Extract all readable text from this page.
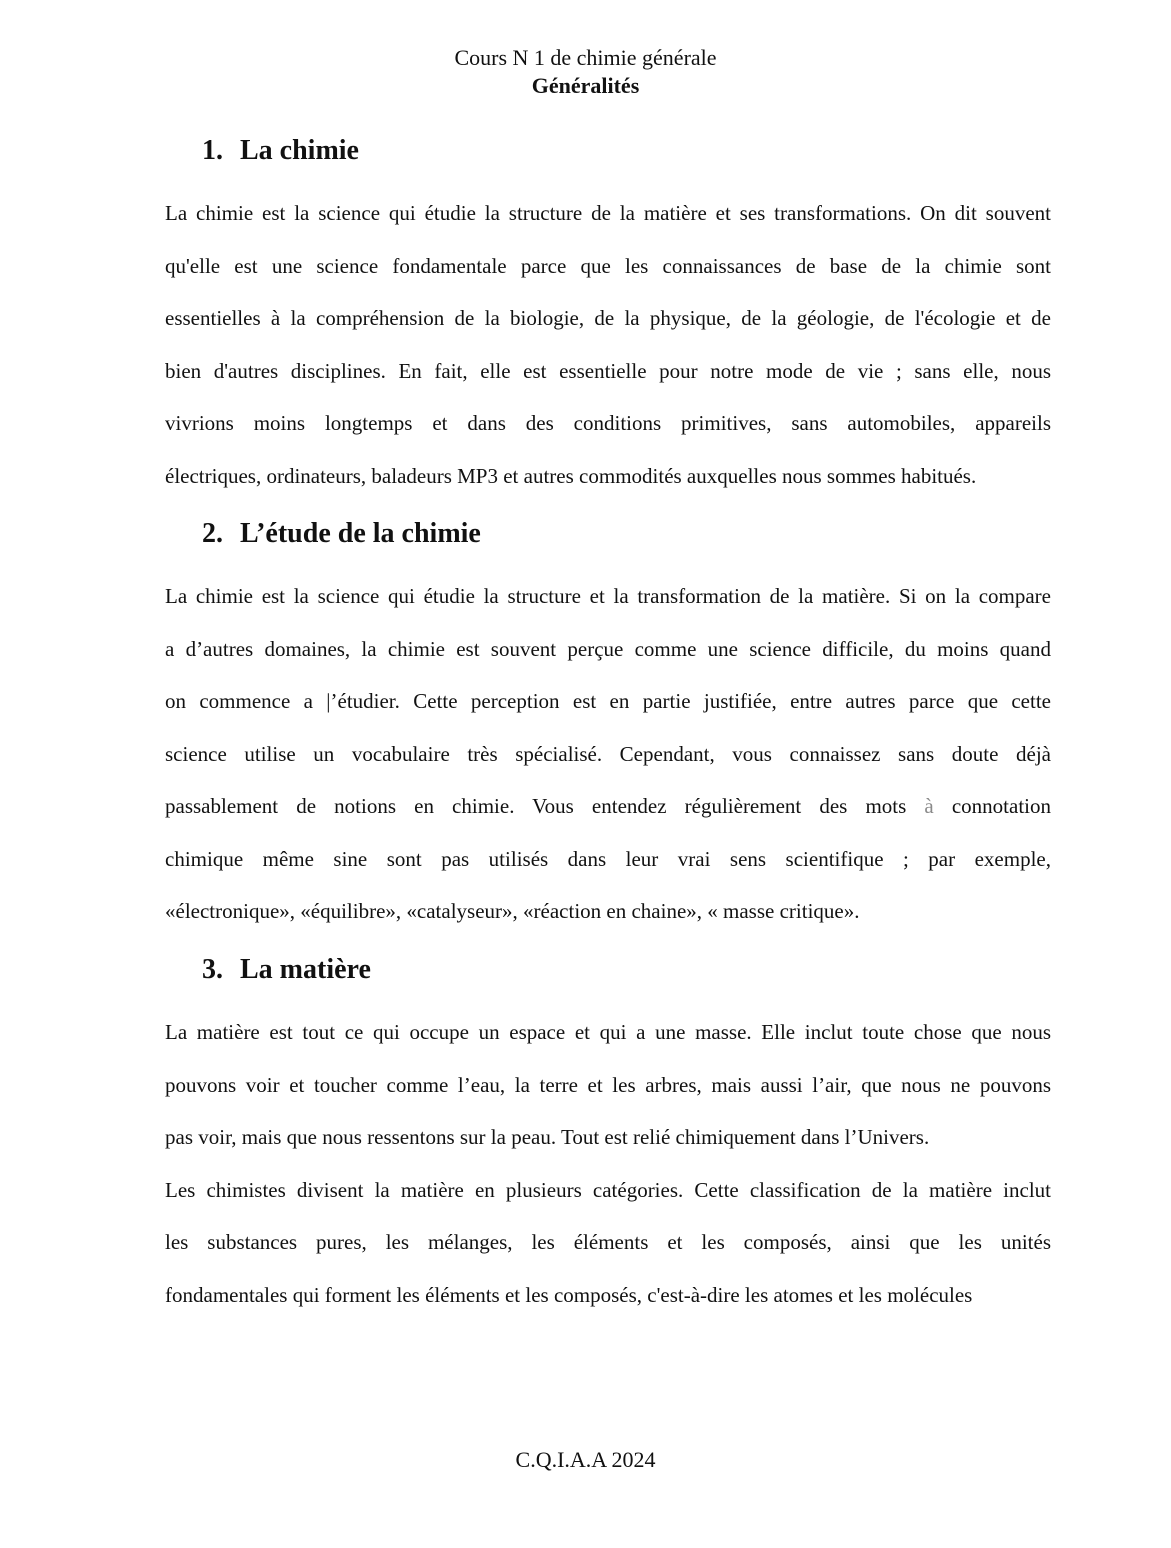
Cours N 1 de chimie générale
Généralités
1. La chimie
La chimie est la science qui étudie la structure de la matière et ses transformations. On dit souvent
qu'elle est une science fondamentale parce que les connaissances de base de la chimie sont
essentielles à la compréhension de la biologie, de la physique, de la géologie, de l'écologie et de
bien d'autres disciplines. En fait, elle est essentielle pour notre mode de vie ; sans elle, nous
vivrions moins longtemps et dans des conditions primitives, sans automobiles, appareils
électriques, ordinateurs, baladeurs MP3 et autres commodités auxquelles nous sommes habitués.
2. L’étude de la chimie
La chimie est la science qui étudie la structure et la transformation de la matière. Si on la compare
a d’autres domaines, la chimie est souvent perçue comme une science difficile, du moins quand
on commence a |’étudier. Cette perception est en partie justifiée, entre autres parce que cette
science utilise un vocabulaire très spécialisé. Cependant, vous connaissez sans doute déjà
passablement de notions en chimie. Vous entendez régulièrement des mots à connotation
chimique même sine sont pas utilisés dans leur vrai sens scientifique ; par exemple,
«électronique», «équilibre», «catalyseur», «réaction en chaine», « masse critique».
3. La matière
La matière est tout ce qui occupe un espace et qui a une masse. Elle inclut toute chose que nous
pouvons voir et toucher comme l’eau, la terre et les arbres, mais aussi l’air, que nous ne pouvons
pas voir, mais que nous ressentons sur la peau. Tout est relié chimiquement dans l’Univers.
Les chimistes divisent la matière en plusieurs catégories. Cette classification de la matière inclut
les substances pures, les mélanges, les éléments et les composés, ainsi que les unités
fondamentales qui forment les éléments et les composés, c'est-à-dire les atomes et les molécules
C.Q.I.A.A 2024
